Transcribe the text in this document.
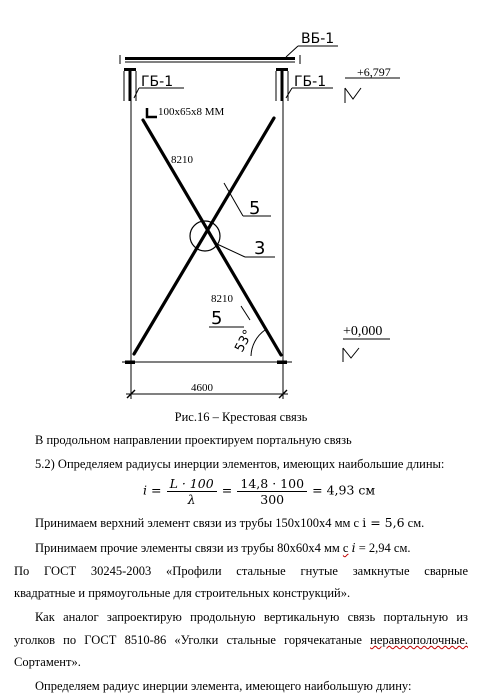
ВБ-1
ГБ-1	ГБ-1
+6,797
100х65х8 ММ
3
5
8210
8210
5
53°	+0,000
4600
Рис.16 – Крестовая связь

В продольном направлении проектируем портальную связь

5.2) Определяем радиусы инерции элементов, имеющих наибольшие длины:

$i = \frac{L \cdot 100}{\lambda} = \frac{14,8 \cdot 100}{300} = 4,93$ см

Принимаем верхний элемент связи из трубы 150х100х4 мм с i = 5,6 см.

Принимаем прочие элементы связи из трубы 80х60х4 мм с i = 2,94 см.

По ГОСТ 30245-2003 «Профили стальные гнутые замкнутые сварные

квадратные и прямоугольные для строительных конструкций».

Как аналог запроектирую продольную вертикальную связь портальную из

уголков по ГОСТ 8510-86 «Уголки стальные горячекатаные неравнополочные.

Сортамент».

Определяем радиус инерции элемента, имеющего наибольшую длину:
